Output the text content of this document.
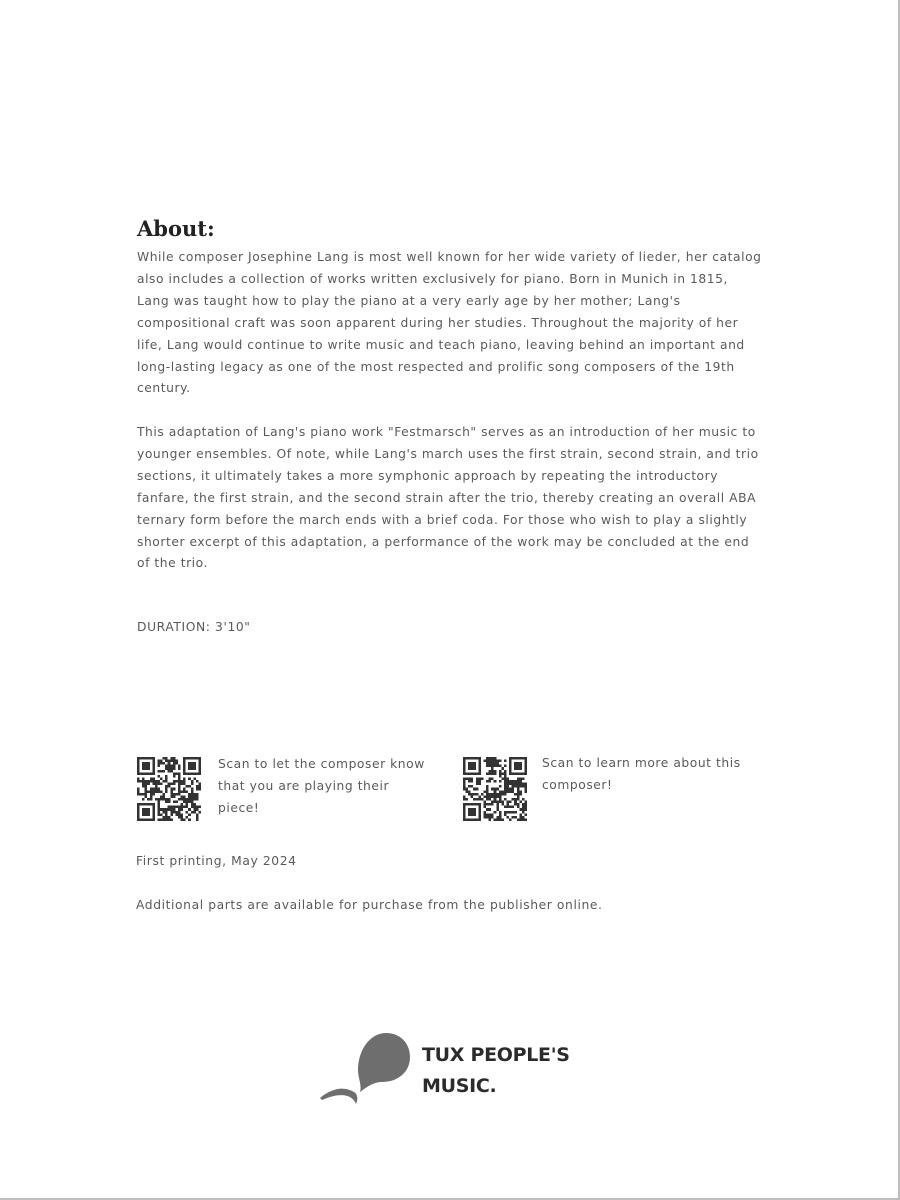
About:

While composer Josephine Lang is most well known for her wide variety of lieder, her catalog also includes a collection of works written exclusively for piano. Born in Munich in 1815, Lang was taught how to play the piano at a very early age by her mother; Lang's compositional craft was soon apparent during her studies. Throughout the majority of her life, Lang would continue to write music and teach piano, leaving behind an important and long-lasting legacy as one of the most respected and prolific song composers of the 19th century.

This adaptation of Lang's piano work "Festmarsch" serves as an introduction of her music to younger ensembles. Of note, while Lang's march uses the first strain, second strain, and trio sections, it ultimately takes a more symphonic approach by repeating the introductory fanfare, the first strain, and the second strain after the trio, thereby creating an overall ABA ternary form before the march ends with a brief coda. For those who wish to play a slightly shorter excerpt of this adaptation, a performance of the work may be concluded at the end of the trio.

DURATION: 3'10"

Scan to let the composer know that you are playing their piece!

Scan to learn more about this composer!

First printing, May 2024

Additional parts are available for purchase from the publisher online.

TUX PEOPLE'S
MUSIC.
